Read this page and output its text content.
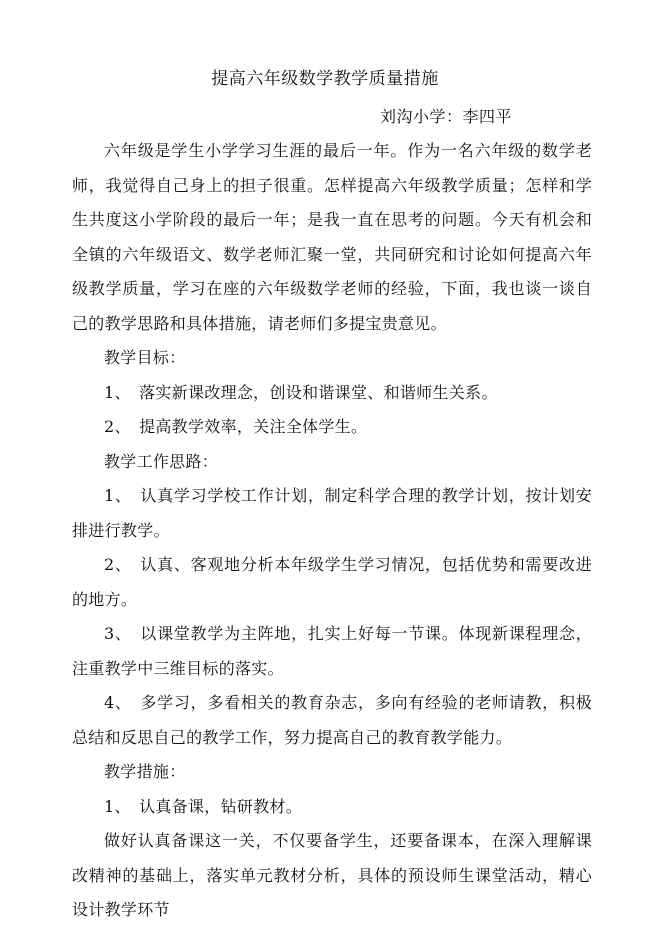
提高六年级数学教学质量措施
刘沟小学：李四平

六年级是学生小学学习生涯的最后一年。作为一名六年级的数学老师，我觉得自己身上的担子很重。怎样提高六年级教学质量；怎样和学生共度这小学阶段的最后一年；是我一直在思考的问题。今天有机会和全镇的六年级语文、数学老师汇聚一堂，共同研究和讨论如何提高六年级教学质量，学习在座的六年级数学老师的经验，下面，我也谈一谈自己的教学思路和具体措施，请老师们多提宝贵意见。

教学目标：

1、　落实新课改理念，创设和谐课堂、和谐师生关系。

2、　提高教学效率，关注全体学生。

教学工作思路：

1、　认真学习学校工作计划，制定科学合理的教学计划，按计划安排进行教学。

2、　认真、客观地分析本年级学生学习情况，包括优势和需要改进的地方。

3、　以课堂教学为主阵地，扎实上好每一节课。体现新课程理念，注重教学中三维目标的落实。

4、　多学习，多看相关的教育杂志，多向有经验的老师请教，积极总结和反思自己的教学工作，努力提高自己的教育教学能力。

教学措施：

1、　认真备课，钻研教材。

做好认真备课这一关，不仅要备学生，还要备课本，在深入理解课改精神的基础上，落实单元教材分析，具体的预设师生课堂活动，精心设计教学环节
